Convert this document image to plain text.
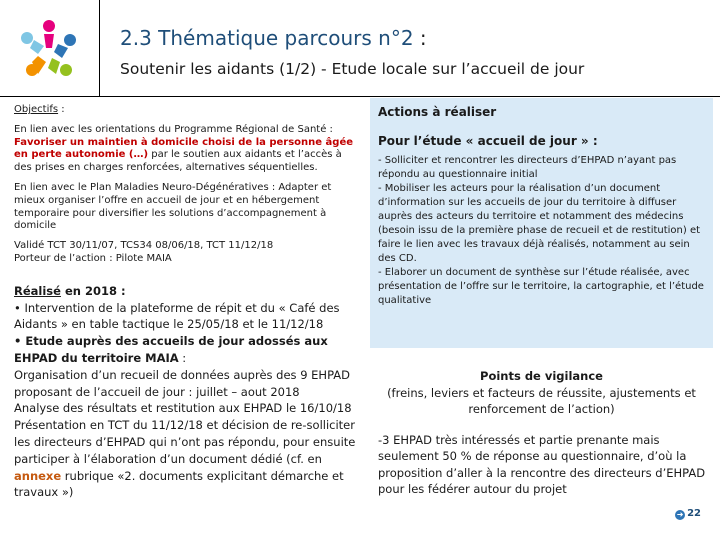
2.3 Thématique parcours n°2 :
Soutenir les aidants (1/2) - Etude locale sur l’accueil de jour

Objectifs :

En lien avec les orientations du Programme Régional de Santé : Favoriser un maintien à domicile choisi de la personne âgée en perte autonomie (…) par le soutien aux aidants et l’accès à des prises en charges renforcées, alternatives séquentielles.

En lien avec le Plan Maladies Neuro-Dégénératives : Adapter et mieux organiser l’offre en accueil de jour et en hébergement temporaire pour diversifier les solutions d’accompagnement à domicile

Validé TCT 30/11/07, TCS34 08/06/18, TCT 11/12/18
Porteur de l’action : Pilote MAIA

Réalisé en 2018 :

• Intervention de la plateforme de répit et du « Café des Aidants » en table tactique le 25/05/18 et le 11/12/18

• Etude auprès des accueils de jour adossés aux EHPAD du territoire MAIA :

Organisation d’un recueil de données auprès des 9 EHPAD proposant de l’accueil de jour : juillet – aout 2018

Analyse des résultats et restitution aux EHPAD le 16/10/18

Présentation en TCT du 11/12/18 et décision de re-solliciter les directeurs d’EHPAD qui n’ont pas répondu, pour ensuite participer à l’élaboration d’un document dédié (cf. en annexe rubrique «2. documents explicitant démarche et travaux »)

Actions à réaliser
Pour l’étude « accueil de jour » :
- Solliciter et rencontrer les directeurs d’EHPAD n’ayant pas répondu au questionnaire initial
- Mobiliser les acteurs pour la réalisation d’un document d’information sur les accueils de jour du territoire à diffuser auprès des acteurs du territoire et notamment des médecins (besoin issu de la première phase de recueil et de restitution) et faire le lien avec les travaux déjà réalisés, notamment au sein des CD.
- Elaborer un document de synthèse sur l’étude réalisée, avec présentation de l’offre sur le territoire, la cartographie, et l’étude qualitative
Points de vigilance
(freins, leviers et facteurs de réussite, ajustements et renforcement de l’action)
-3 EHPAD très intéressés et partie prenante mais seulement 50 % de réponse au questionnaire, d’où la proposition d’aller à la rencontre des directeurs d’EHPAD pour les fédérer autour du projet
➜ 22
